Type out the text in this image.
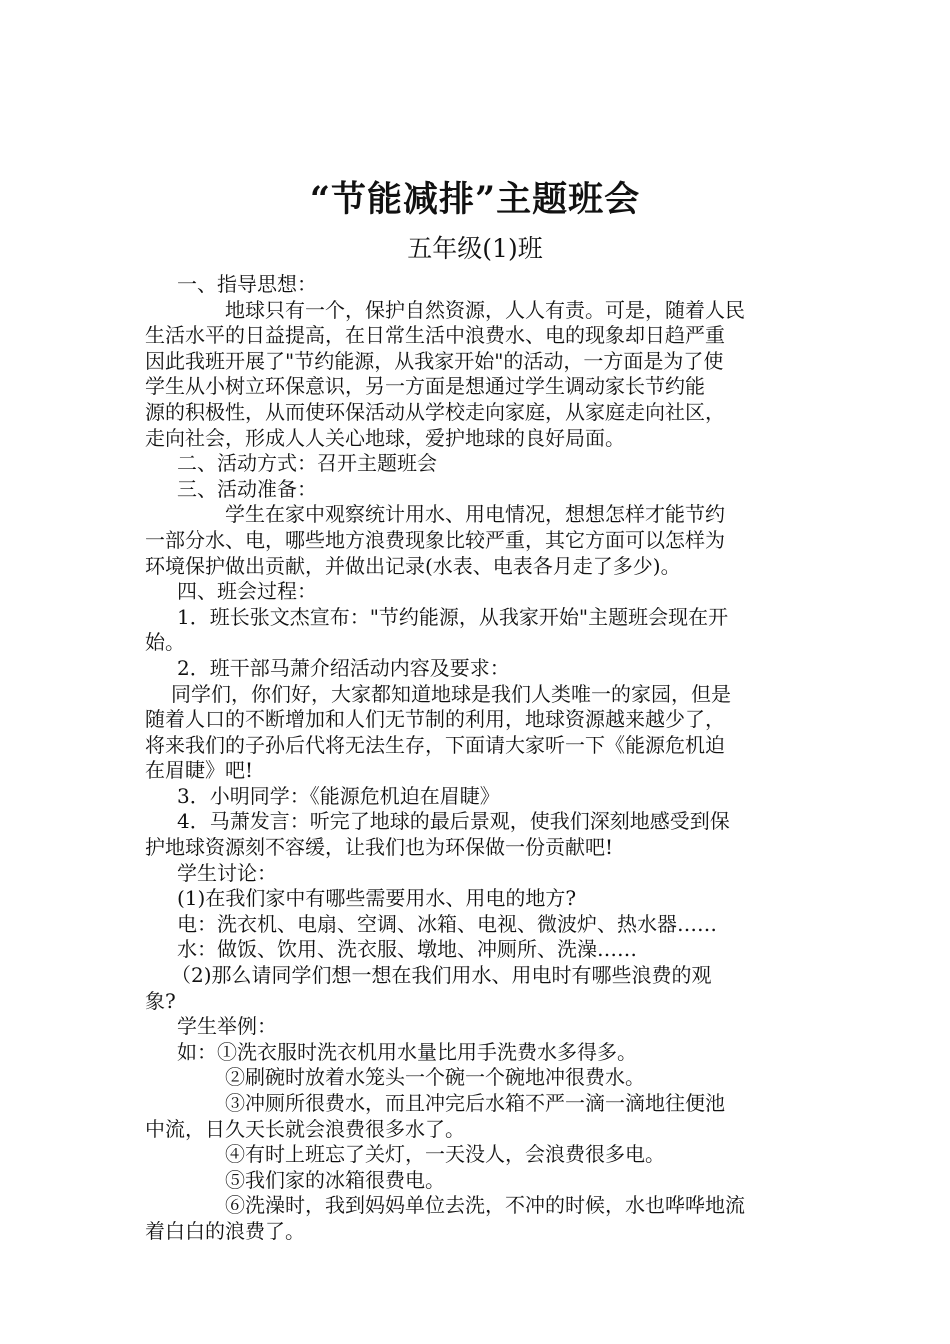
“节能减排”主题班会
五年级(1)班
一、指导思想：
地球只有一个，保护自然资源，人人有责。可是，随着人民
生活水平的日益提高，在日常生活中浪费水、电的现象却日趋严重
因此我班开展了"节约能源，从我家开始"的活动，一方面是为了使
学生从小树立环保意识，另一方面是想通过学生调动家长节约能
源的积极性，从而使环保活动从学校走向家庭，从家庭走向社区，
走向社会，形成人人关心地球，爱护地球的良好局面。
二、活动方式：召开主题班会
三、活动准备：
学生在家中观察统计用水、用电情况，想想怎样才能节约
一部分水、电，哪些地方浪费现象比较严重，其它方面可以怎样为
环境保护做出贡献，并做出记录(水表、电表各月走了多少)。
四、班会过程：
1．班长张文杰宣布："节约能源，从我家开始"主题班会现在开
始。
2．班干部马萧介绍活动内容及要求：
同学们，你们好，大家都知道地球是我们人类唯一的家园，但是
随着人口的不断增加和人们无节制的利用，地球资源越来越少了，
将来我们的子孙后代将无法生存，下面请大家听一下《能源危机迫
在眉睫》吧!
3．小明同学：《能源危机迫在眉睫》
4．马萧发言：听完了地球的最后景观，使我们深刻地感受到保
护地球资源刻不容缓，让我们也为环保做一份贡献吧!
学生讨论：
(1)在我们家中有哪些需要用水、用电的地方?
电：洗衣机、电扇、空调、冰箱、电视、微波炉、热水器……
水：做饭、饮用、洗衣服、墩地、冲厕所、洗澡……
（2)那么请同学们想一想在我们用水、用电时有哪些浪费的观
象?
学生举例：
如：①洗衣服时洗衣机用水量比用手洗费水多得多。
②刷碗时放着水笼头一个碗一个碗地冲很费水。
③冲厕所很费水，而且冲完后水箱不严一滴一滴地往便池
中流，日久天长就会浪费很多水了。
④有时上班忘了关灯，一天没人，会浪费很多电。
⑤我们家的冰箱很费电。
⑥洗澡时，我到妈妈单位去洗，不冲的时候，水也哗哗地流
着白白的浪费了。
